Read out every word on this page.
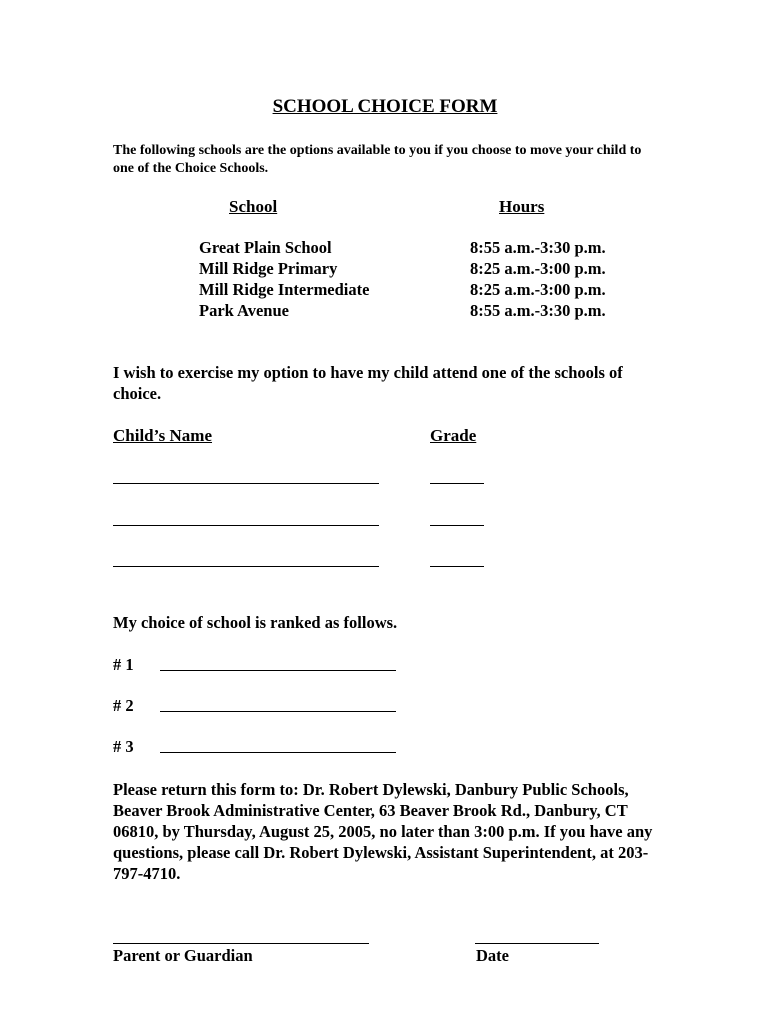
SCHOOL CHOICE FORM
The following schools are the options available to you if you choose to move your child to one of the Choice Schools.
School	Hours
Great Plain School	8:55 a.m.-3:30 p.m.
Mill Ridge Primary	8:25 a.m.-3:00 p.m.
Mill Ridge Intermediate	8:25 a.m.-3:00 p.m.
Park Avenue	8:55 a.m.-3:30 p.m.
I wish to exercise my option to have my child attend one of the schools of choice.
Child’s Name	Grade
My choice of school is ranked as follows.
# 1
# 2
# 3
Please return this form to: Dr. Robert Dylewski, Danbury Public Schools, Beaver Brook Administrative Center, 63 Beaver Brook Rd., Danbury, CT 06810, by Thursday, August 25, 2005, no later than 3:00 p.m. If you have any questions, please call Dr. Robert Dylewski, Assistant Superintendent, at 203-797-4710.
Parent or Guardian	Date
